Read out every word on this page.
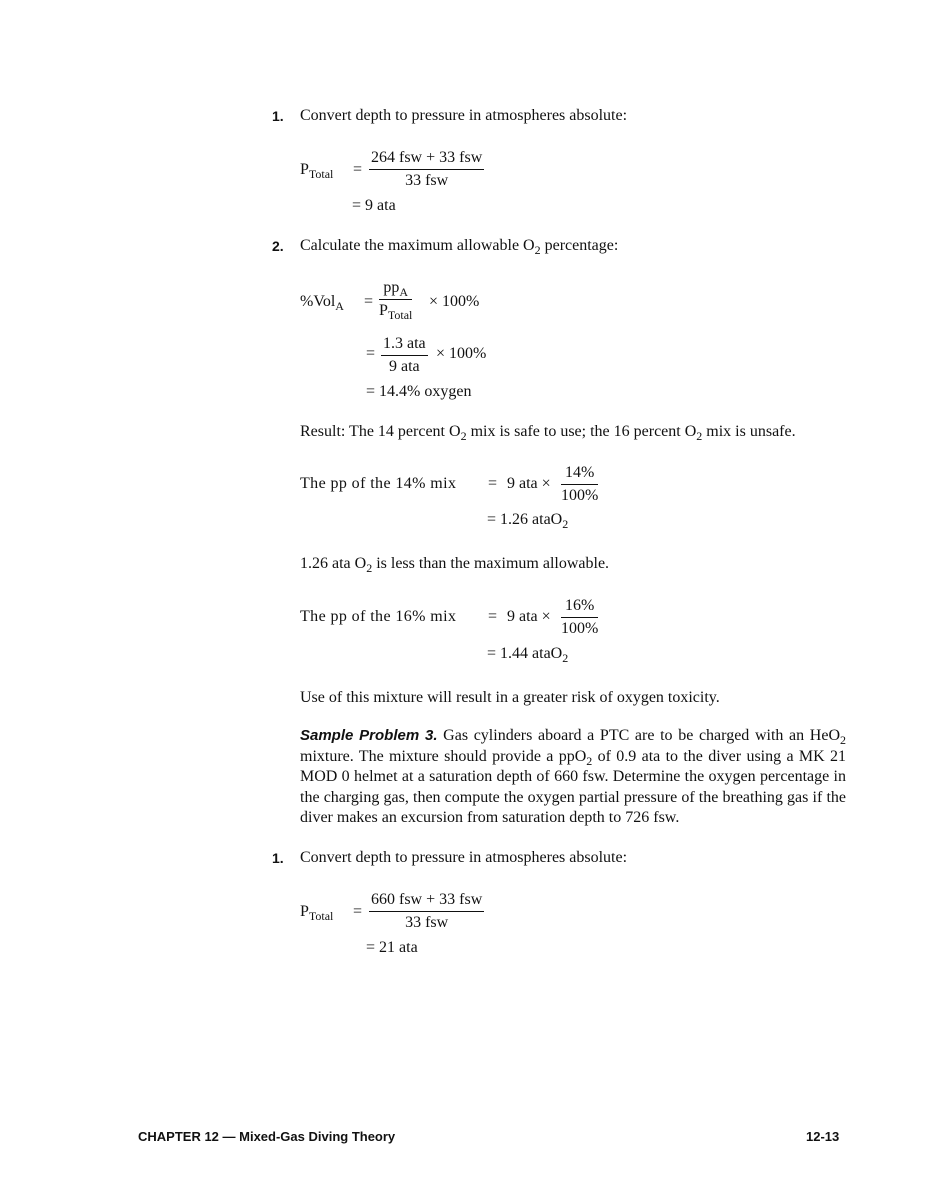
1. Convert depth to pressure in atmospheres absolute:
$P_{Total}$ =
264 fsw + 33 fsw
33 fsw
= 9 ata
2. Calculate the maximum allowable $O_2$ percentage:
%Vol$_A$ =
$pp_A$
$P_{Total}$
× 100%
=
1.3 ata
9 ata
× 100%
= 14.4% oxygen
Result: The 14 percent $O_2$ mix is safe to use; the 16 percent $O_2$ mix is unsafe.
The pp of the 14% mix = 9 ata × $\frac{14\%}{100\%}$
= 1.26 ataO$_2$
1.26 ata $O_2$ is less than the maximum allowable.
The pp of the 16% mix = 9 ata × $\frac{16\%}{100\%}$
= 1.44 ataO$_2$
Use of this mixture will result in a greater risk of oxygen toxicity.
Sample Problem 3. Gas cylinders aboard a PTC are to be charged with an HeO$_2$ mixture. The mixture should provide a ppO$_2$ of 0.9 ata to the diver using a MK 21 MOD 0 helmet at a saturation depth of 660 fsw. Determine the oxygen percentage in the charging gas, then compute the oxygen partial pressure of the breathing gas if the diver makes an excursion from saturation depth to 726 fsw.
1. Convert depth to pressure in atmospheres absolute:
$P_{Total}$ =
660 fsw + 33 fsw
33 fsw
= 21 ata
CHAPTER 12 — Mixed-Gas Diving Theory	12-13
